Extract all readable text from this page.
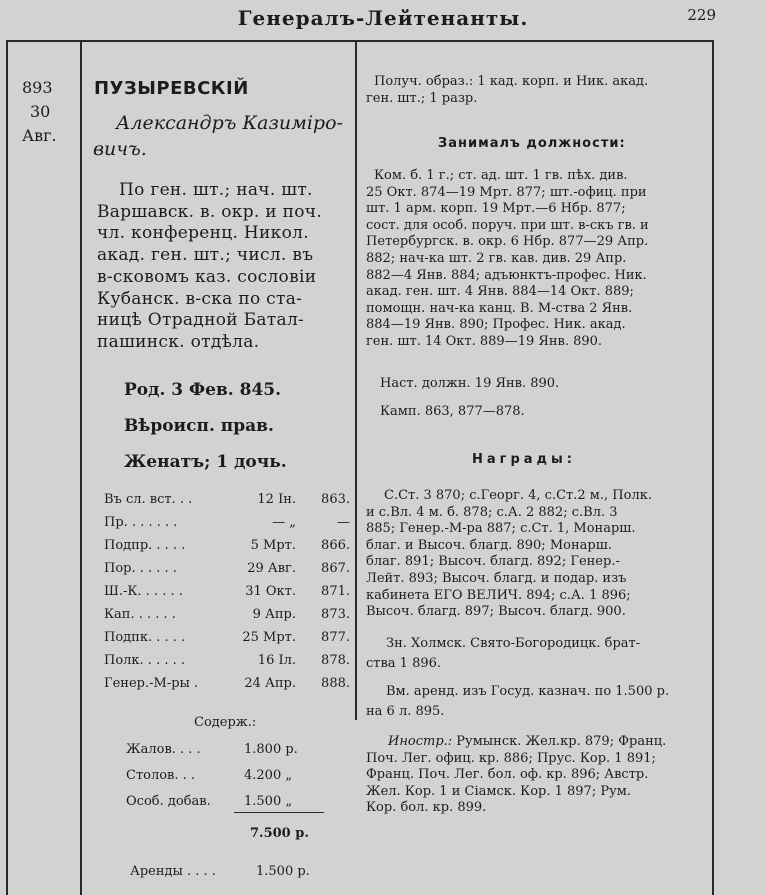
Генералъ-Лейтенанты.	229
893
30
Авг.
ПУЗЫРЕВСКIЙ
Александръ Казиміро-
вичъ.
По ген. шт.; нач. шт.
Варшавск. в. окр. и поч.
чл. конференц. Никол.
акад. ген. шт.; числ. въ
в-сковомъ каз. сословіи
Кубанск. в-ска по ста-
ницѣ Отрадной Батал-
пашинск. отдѣла.
Род. 3 Фев. 845.
Вѣроисп. прав.
Женатъ; 1 дочь.
Въ сл. вст. . .	12 Ін.	863.
Пр. . . . . . .	— „	—
Подпр. . . . .	5 Мрт.	866.
Пор. . . . . .	29 Авг.	867.
Ш.-К. . . . . .	31 Окт.	871.
Кап. . . . . .	9 Апр.	873.
Подпк. . . . .	25 Мрт.	877.
Полк. . . . . .	16 Іл.	878.
Генер.-М-ры .	24 Апр.	888.
Содерж.:
Жалов. . . .	1.800 р.
Столов. . .	4.200 „
Особ. добав.	1.500 „
7.500 р.
Аренды . . . .	1.500 р.
Получ. образ.: 1 кад. корп. и Ник. акад.
ген. шт.; 1 разр.
Занималъ должности:
Ком. б. 1 г.; ст. ад. шт. 1 гв. пѣх. див.
25 Окт. 874—19 Мрт. 877; шт.-офиц. при
шт. 1 арм. корп. 19 Мрт.—6 Нбр. 877;
сост. для особ. поруч. при шт. в-скъ гв. и
Петербургск. в. окр. 6 Нбр. 877—29 Апр.
882; нач-ка шт. 2 гв. кав. див. 29 Апр.
882—4 Янв. 884; адъюнктъ-профес. Ник.
акад. ген. шт. 4 Янв. 884—14 Окт. 889;
помощн. нач-ка канц. В. М-ства 2 Янв.
884—19 Янв. 890; Профес. Ник. акад.
ген. шт. 14 Окт. 889—19 Янв. 890.
Наст. должн. 19 Янв. 890.
Камп. 863, 877—878.
Награды:
С.Ст. 3 870; с.Георг. 4, с.Ст.2 м., Полк.
и с.Вл. 4 м. б. 878; с.А. 2 882; с.Вл. 3
885; Генер.-М-ра 887; с.Ст. 1, Монарш.
благ. и Высоч. благд. 890; Монарш.
благ. 891; Высоч. благд. 892; Генер.-
Лейт. 893; Высоч. благд. и подар. изъ
кабинета ЕГО ВЕЛИЧ. 894; с.А. 1 896;
Высоч. благд. 897; Высоч. благд. 900.
Зн. Холмск. Свято-Богородицк. брат-
ства 1 896.
Вм. аренд. изъ Госуд. казнач. по 1.500 р.
на 6 л. 895.
Иностр.: Румынск. Жел.кр. 879; Франц.
Поч. Лег. офиц. кр. 886; Прус. Кор. 1 891;
Франц. Поч. Лег. бол. оф. кр. 896; Австр.
Жел. Кор. 1 и Сіамск. Кор. 1 897; Рум.
Кор. бол. кр. 899.
